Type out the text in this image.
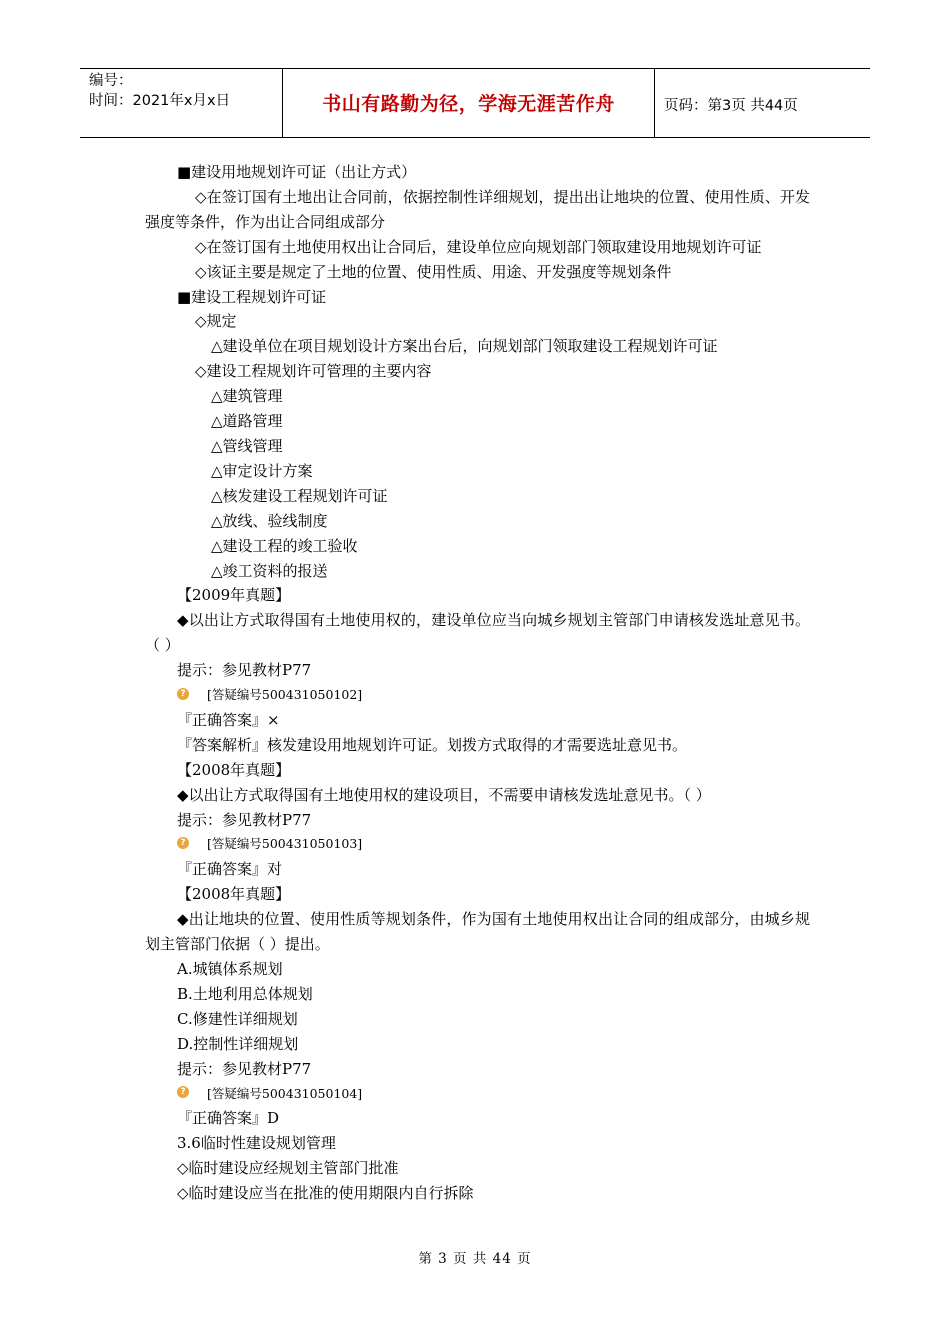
编号：
时间：2021年x月x日	书山有路勤为径，学海无涯苦作舟	页码：第3页 共44页
■建设用地规划许可证（出让方式）
◇在签订国有土地出让合同前，依据控制性详细规划，提出出让地块的位置、使用性质、开发强度等条件，作为出让合同组成部分
◇在签订国有土地使用权出让合同后，建设单位应向规划部门领取建设用地规划许可证
◇该证主要是规定了土地的位置、使用性质、用途、开发强度等规划条件
■建设工程规划许可证
◇规定
△建设单位在项目规划设计方案出台后，向规划部门领取建设工程规划许可证
◇建设工程规划许可管理的主要内容
△建筑管理
△道路管理
△管线管理
△审定设计方案
△核发建设工程规划许可证
△放线、验线制度
△建设工程的竣工验收
△竣工资料的报送
【2009年真题】
◆以出让方式取得国有土地使用权的，建设单位应当向城乡规划主管部门申请核发选址意见书。（ ）
提示：参见教材P77
? [答疑编号500431050102]
『正确答案』×
『答案解析』核发建设用地规划许可证。划拨方式取得的才需要选址意见书。
【2008年真题】
◆以出让方式取得国有土地使用权的建设项目，不需要申请核发选址意见书。（ ）
提示：参见教材P77
? [答疑编号500431050103]
『正确答案』对
【2008年真题】
◆出让地块的位置、使用性质等规划条件，作为国有土地使用权出让合同的组成部分，由城乡规划主管部门依据（ ）提出。
A.城镇体系规划
B.土地利用总体规划
C.修建性详细规划
D.控制性详细规划
提示：参见教材P77
? [答疑编号500431050104]
『正确答案』D
3.6临时性建设规划管理
◇临时建设应经规划主管部门批准
◇临时建设应当在批准的使用期限内自行拆除
第 3 页 共 44 页
